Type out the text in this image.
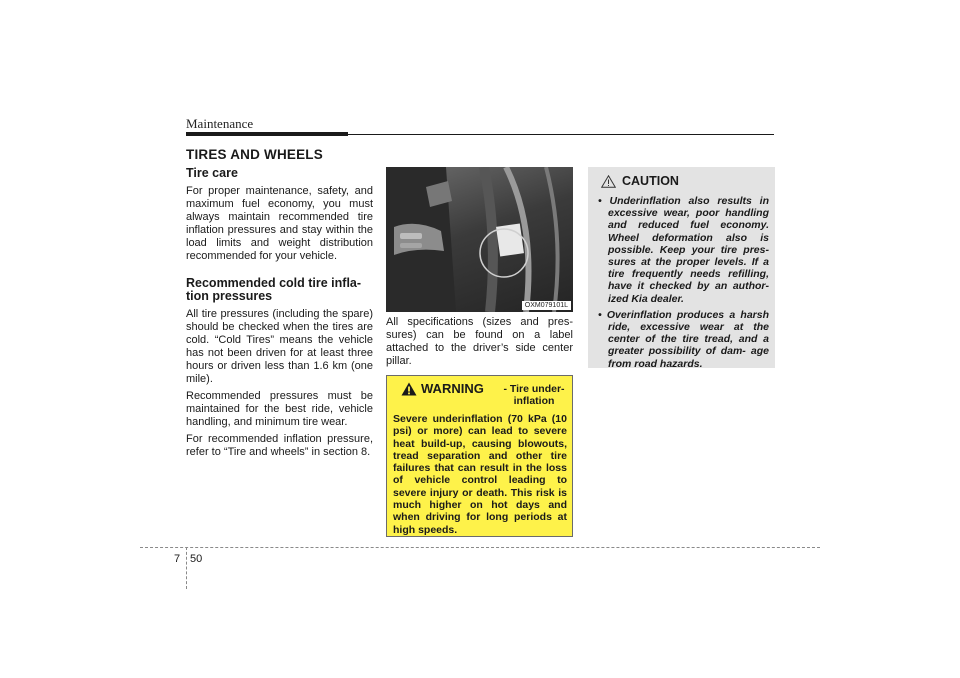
Maintenance
TIRES AND WHEELS
Tire care

For proper maintenance, safety, and maximum fuel economy, you must always maintain recommended tire inflation pressures and stay within the load limits and weight distribution recommended for your vehicle.

Recommended cold tire infla- tion pressures

All tire pressures (including the spare) should be checked when the tires are cold. “Cold Tires” means the vehicle has not been driven for at least three hours or driven less than 1.6 km (one mile).

Recommended pressures must be maintained for the best ride, vehicle handling, and minimum tire wear.

For recommended inflation pressure, refer to “Tire and wheels” in section 8.

OXM079101L

All specifications (sizes and pres- sures) can be found on a label attached to the driver’s side center pillar.

WARNING	- Tire under- inflation
Severe underinflation (70 kPa (10 psi) or more) can lead to severe heat build-up, causing blowouts, tread separation and other tire failures that can result in the loss of vehicle control leading to severe injury or death. This risk is much higher on hot days and when driving for long periods at high speeds.
CAUTION
• Underinflation also results in excessive wear, poor handling and reduced fuel economy. Wheel deformation also is possible. Keep your tire pres- sures at the proper levels. If a tire frequently needs refilling, have it checked by an author- ized Kia dealer.
• Overinflation produces a harsh ride, excessive wear at the center of the tire tread, and a greater possibility of dam- age from road hazards.
7 50
